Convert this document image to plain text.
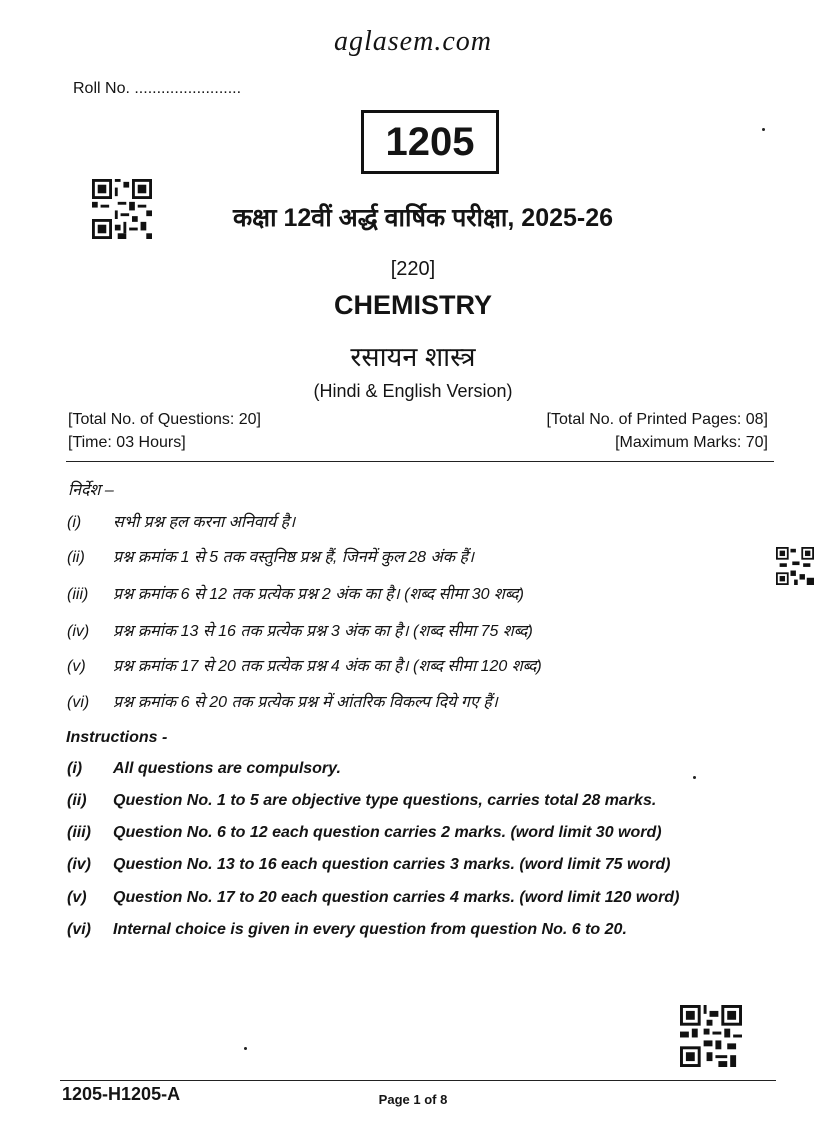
aglasem.com
Roll No. ........................
1205
कक्षा 12वीं अर्द्ध वार्षिक परीक्षा, 2025-26
[220]
CHEMISTRY
रसायन शास्त्र
(Hindi & English Version)
[Total No. of Questions: 20]	[Total No. of Printed Pages: 08]
[Time: 03 Hours]	[Maximum Marks: 70]
निर्देश –
(i) सभी प्रश्न हल करना अनिवार्य है।
(ii) प्रश्न क्रमांक 1 से 5 तक वस्तुनिष्ठ प्रश्न हैं, जिनमें कुल 28 अंक हैं।
(iii) प्रश्न क्रमांक 6 से 12 तक प्रत्येक प्रश्न 2 अंक का है। (शब्द सीमा 30 शब्द)
(iv) प्रश्न क्रमांक 13 से 16 तक प्रत्येक प्रश्न 3 अंक का है। (शब्द सीमा 75 शब्द)
(v) प्रश्न क्रमांक 17 से 20 तक प्रत्येक प्रश्न 4 अंक का है। (शब्द सीमा 120 शब्द)
(vi) प्रश्न क्रमांक 6 से 20 तक प्रत्येक प्रश्न में आंतरिक विकल्प दिये गए हैं।
Instructions -
(i) All questions are compulsory.
(ii) Question No. 1 to 5 are objective type questions, carries total 28 marks.
(iii) Question No. 6 to 12 each question carries 2 marks. (word limit 30 word)
(iv) Question No. 13 to 16 each question carries 3 marks. (word limit 75 word)
(v) Question No. 17 to 20 each question carries 4 marks. (word limit 120 word)
(vi) Internal choice is given in every question from question No. 6 to 20.
1205-H1205-A	Page 1 of 8
